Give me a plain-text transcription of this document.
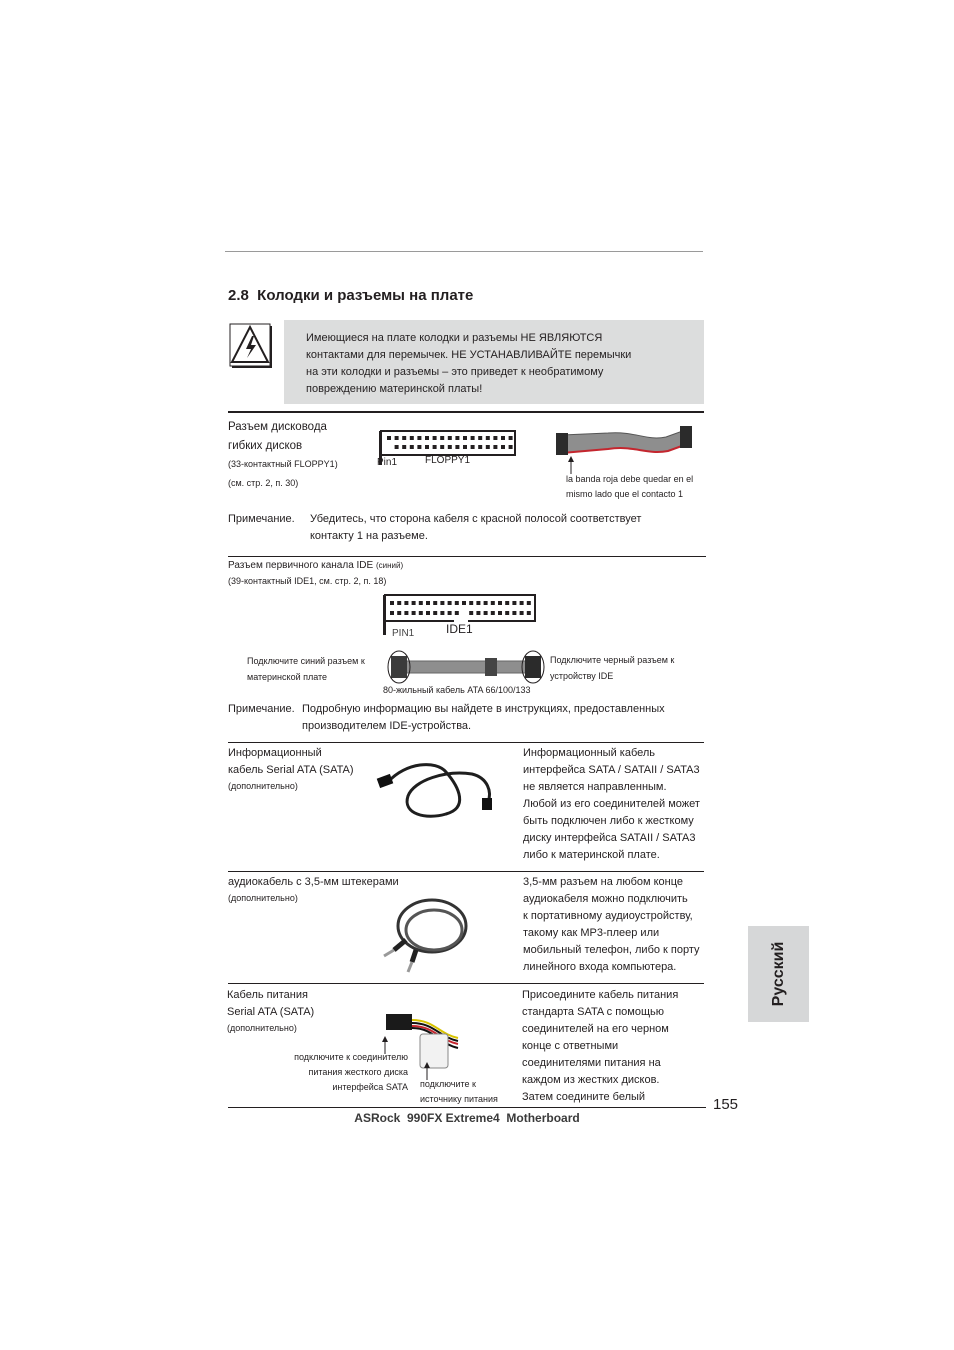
2.8  Колодки и разъемы на плате
Имеющиеся на плате колодки и разъемы НЕ ЯВЛЯЮТСЯ
контактами для перемычек. НЕ УСТАНАВЛИВАЙТЕ перемычки
на эти колодки и разъемы – это приведет к необратимому
повреждению материнской платы!
Разъем дисковода
гибких дисков
(33-контактный FLOPPY1)
(см. стр. 2, п. 30)
Pin1	FLOPPY1
la banda roja debe quedar en el
mismo lado que el contacto 1
Примечание. Убедитесь, что сторона кабеля с красной полосой соответствует
контакту 1 на разъеме.
Разъем первичного канала IDE (синий)
(39-контактный IDE1, см. стр. 2, п. 18)
PIN1	IDE1
Подключите синий разъем к
материнской плате
Подключите черный разъем к
устройству IDE
80-жильный кабель ATA 66/100/133
Примечание. Подробную информацию вы найдете в инструкциях, предоставленных
производителем IDE-устройства.
Информационный
кабель Serial ATA (SATA)
(дополнительно)
Информационный кабель
интерфейса SATA / SATAII / SATA3
не является направленным.
Любой из его соединителей может
быть подключен либо к жесткому
диску интерфейса SATAII / SATA3
либо к материнской плате.
аудиокабель с 3,5-мм штекерами
(дополнительно)
3,5-мм разъем на любом конце
аудиокабеля можно подключить
к портативному аудиоустройству,
такому как MP3-плеер или
мобильный телефон, либо к порту
линейного входа компьютера.
Кабель питания
Serial ATA (SATA)
(дополнительно)
подключите к соединителю
питания жесткого диска
интерфейса SATA подключите к
источнику питания
Присоедините кабель питания
стандарта SATA с помощью
соединителей на его черном
конце с ответными
соединителями питания на
каждом из жестких дисков.
Затем соедините белый
Русский
155
ASRock  990FX Extreme4  Motherboard
